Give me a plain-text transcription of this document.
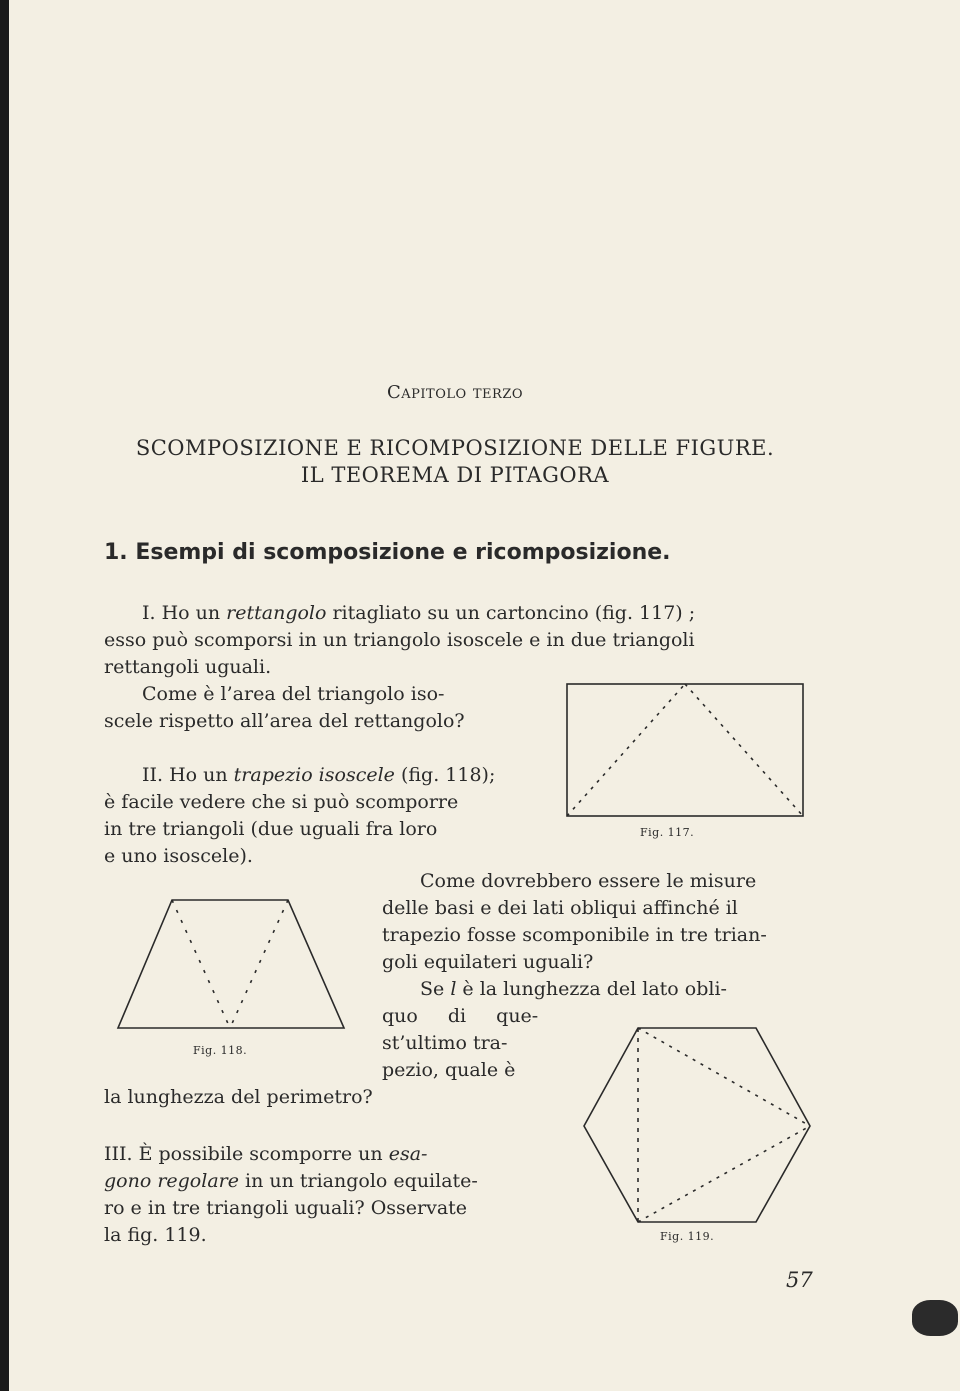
Capitolo terzo
SCOMPOSIZIONE E RICOMPOSIZIONE DELLE FIGURE.
IL TEOREMA DI PITAGORA
1. Esempi di scomposizione e ricomposizione.
I. Ho un rettangolo ritagliato su un cartoncino (fig. 117) ;
esso può scomporsi in un triangolo isoscele e in due triangoli
rettangoli uguali.
Come è l’area del triangolo iso-
scele rispetto all’area del rettangolo?
Fig. 117.
II. Ho un trapezio isoscele (fig. 118);
è facile vedere che si può scomporre
in tre triangoli (due uguali fra loro
e uno isoscele).
Come dovrebbero essere le misure
delle basi e dei lati obliqui affinché il
trapezio fosse scomponibile in tre trian-
goli equilateri uguali?
Se l è la lunghezza del lato obli-
quo di que-
st’ultimo tra-
pezio, quale è
la lunghezza del perimetro?
Fig. 118.
Fig. 119.
III. È possibile scomporre un esa-
gono regolare in un triangolo equilate-
ro e in tre triangoli uguali? Osservate
la fig. 119.
57
